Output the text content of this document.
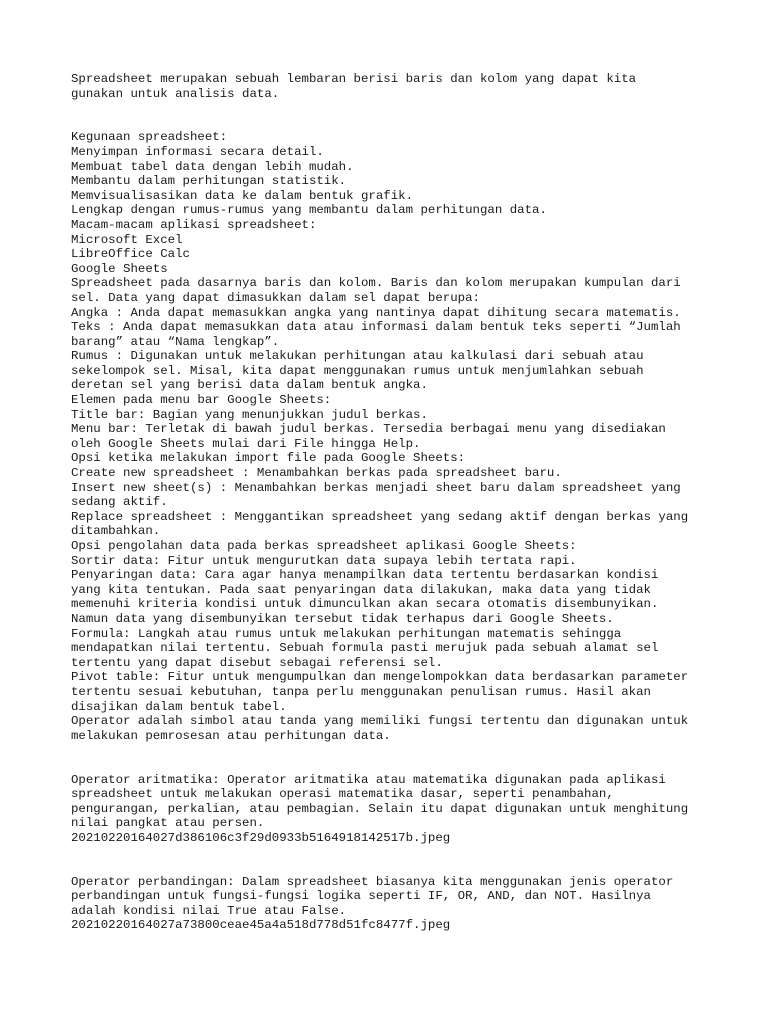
Spreadsheet merupakan sebuah lembaran berisi baris dan kolom yang dapat kita
gunakan untuk analisis data.
Kegunaan spreadsheet:
Menyimpan informasi secara detail.
Membuat tabel data dengan lebih mudah.
Membantu dalam perhitungan statistik.
Memvisualisasikan data ke dalam bentuk grafik.
Lengkap dengan rumus-rumus yang membantu dalam perhitungan data.
Macam-macam aplikasi spreadsheet:
Microsoft Excel
LibreOffice Calc
Google Sheets
Spreadsheet pada dasarnya baris dan kolom. Baris dan kolom merupakan kumpulan dari
sel. Data yang dapat dimasukkan dalam sel dapat berupa:
Angka : Anda dapat memasukkan angka yang nantinya dapat dihitung secara matematis.
Teks : Anda dapat memasukkan data atau informasi dalam bentuk teks seperti “Jumlah
barang” atau “Nama lengkap”.
Rumus : Digunakan untuk melakukan perhitungan atau kalkulasi dari sebuah atau
sekelompok sel. Misal, kita dapat menggunakan rumus untuk menjumlahkan sebuah
deretan sel yang berisi data dalam bentuk angka.
Elemen pada menu bar Google Sheets:
Title bar: Bagian yang menunjukkan judul berkas.
Menu bar: Terletak di bawah judul berkas. Tersedia berbagai menu yang disediakan
oleh Google Sheets mulai dari File hingga Help.
Opsi ketika melakukan import file pada Google Sheets:
Create new spreadsheet : Menambahkan berkas pada spreadsheet baru.
Insert new sheet(s) : Menambahkan berkas menjadi sheet baru dalam spreadsheet yang
sedang aktif.
Replace spreadsheet : Menggantikan spreadsheet yang sedang aktif dengan berkas yang
ditambahkan.
Opsi pengolahan data pada berkas spreadsheet aplikasi Google Sheets:
Sortir data: Fitur untuk mengurutkan data supaya lebih tertata rapi.
Penyaringan data: Cara agar hanya menampilkan data tertentu berdasarkan kondisi
yang kita tentukan. Pada saat penyaringan data dilakukan, maka data yang tidak
memenuhi kriteria kondisi untuk dimunculkan akan secara otomatis disembunyikan.
Namun data yang disembunyikan tersebut tidak terhapus dari Google Sheets.
Formula: Langkah atau rumus untuk melakukan perhitungan matematis sehingga
mendapatkan nilai tertentu. Sebuah formula pasti merujuk pada sebuah alamat sel
tertentu yang dapat disebut sebagai referensi sel.
Pivot table: Fitur untuk mengumpulkan dan mengelompokkan data berdasarkan parameter
tertentu sesuai kebutuhan, tanpa perlu menggunakan penulisan rumus. Hasil akan
disajikan dalam bentuk tabel.
Operator adalah simbol atau tanda yang memiliki fungsi tertentu dan digunakan untuk
melakukan pemrosesan atau perhitungan data.
Operator aritmatika: Operator aritmatika atau matematika digunakan pada aplikasi
spreadsheet untuk melakukan operasi matematika dasar, seperti penambahan,
pengurangan, perkalian, atau pembagian. Selain itu dapat digunakan untuk menghitung
nilai pangkat atau persen.
20210220164027d386106c3f29d0933b5164918142517b.jpeg
Operator perbandingan: Dalam spreadsheet biasanya kita menggunakan jenis operator
perbandingan untuk fungsi-fungsi logika seperti IF, OR, AND, dan NOT. Hasilnya
adalah kondisi nilai True atau False.
20210220164027a73800ceae45a4a518d778d51fc8477f.jpeg
